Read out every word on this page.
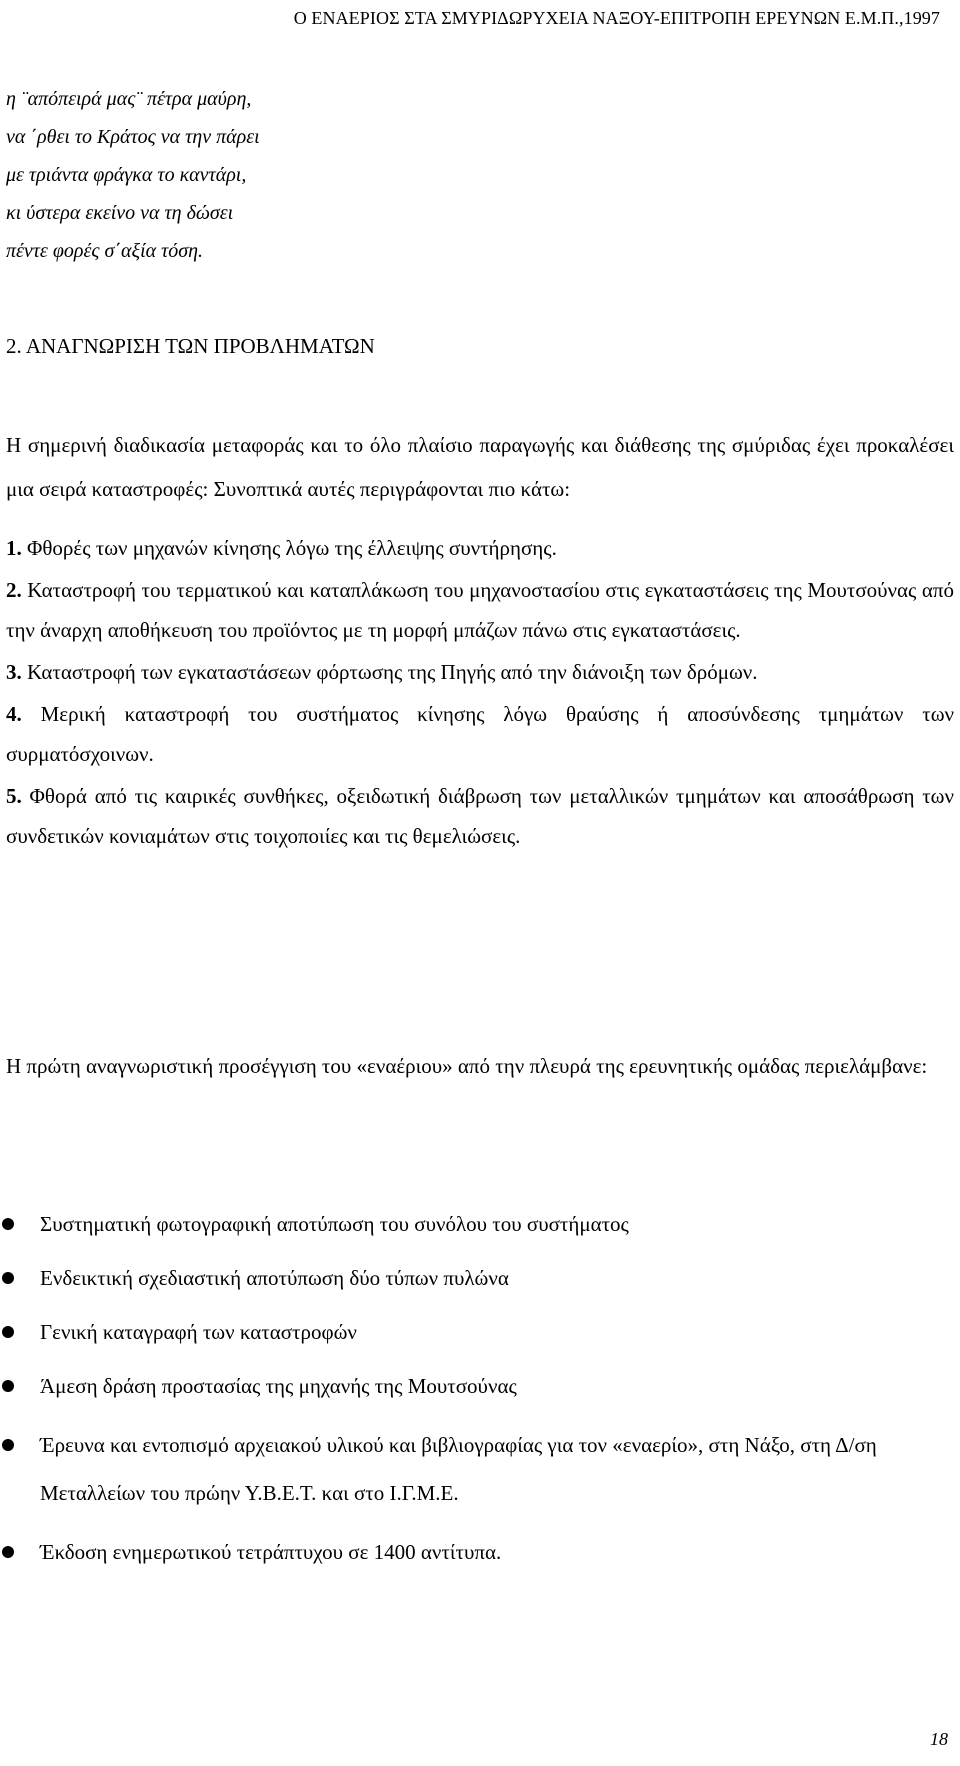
Ο ΕΝΑΕΡΙΟΣ ΣΤΑ ΣΜΥΡΙΔΩΡΥΧΕΙΑ ΝΑΞΟΥ-ΕΠΙΤΡΟΠΗ ΕΡΕΥΝΩΝ Ε.Μ.Π.,1997
η ¨απόπειρά μας¨ πέτρα μαύρη,
να ΄ρθει το Κράτος να την πάρει
με τριάντα φράγκα το καντάρι,
κι ύστερα εκείνο να τη δώσει
πέντε φορές σ΄αξία τόση.
2. ΑΝΑΓΝΩΡΙΣΗ ΤΩΝ ΠΡΟΒΛΗΜΑΤΩΝ
Η σημερινή διαδικασία μεταφοράς και το όλο πλαίσιο παραγωγής και διάθεσης της σμύριδας έχει προκαλέσει μια σειρά καταστροφές: Συνοπτικά αυτές περιγράφονται πιο κάτω:
1. Φθορές των μηχανών κίνησης λόγω της έλλειψης συντήρησης.
2. Καταστροφή του τερματικού και καταπλάκωση του μηχανοστασίου στις εγκαταστάσεις της Μουτσούνας από την άναρχη αποθήκευση του προϊόντος με τη μορφή μπάζων πάνω στις εγκαταστάσεις.
3. Καταστροφή των εγκαταστάσεων φόρτωσης της Πηγής από την διάνοιξη των δρόμων.
4. Μερική καταστροφή του συστήματος κίνησης λόγω θραύσης ή αποσύνδεσης τμημάτων των συρματόσχοινων.
5. Φθορά από τις καιρικές συνθήκες, οξειδωτική διάβρωση των μεταλλικών τμημάτων και αποσάθρωση των συνδετικών κονιαμάτων στις τοιχοποιίες και τις θεμελιώσεις.
Η πρώτη αναγνωριστική προσέγγιση του «εναέριου» από την πλευρά της ερευνητικής ομάδας περιελάμβανε:
Συστηματική φωτογραφική αποτύπωση του συνόλου του συστήματος
Ενδεικτική σχεδιαστική αποτύπωση δύο τύπων πυλώνα
Γενική καταγραφή των καταστροφών
Άμεση δράση προστασίας της μηχανής της Μουτσούνας
Έρευνα και εντοπισμό αρχειακού υλικού και βιβλιογραφίας για τον «εναερίο», στη Νάξο, στη Δ/ση Μεταλλείων του πρώην Υ.Β.Ε.Τ. και στο Ι.Γ.Μ.Ε.
Έκδοση ενημερωτικού τετράπτυχου σε 1400 αντίτυπα.
18
